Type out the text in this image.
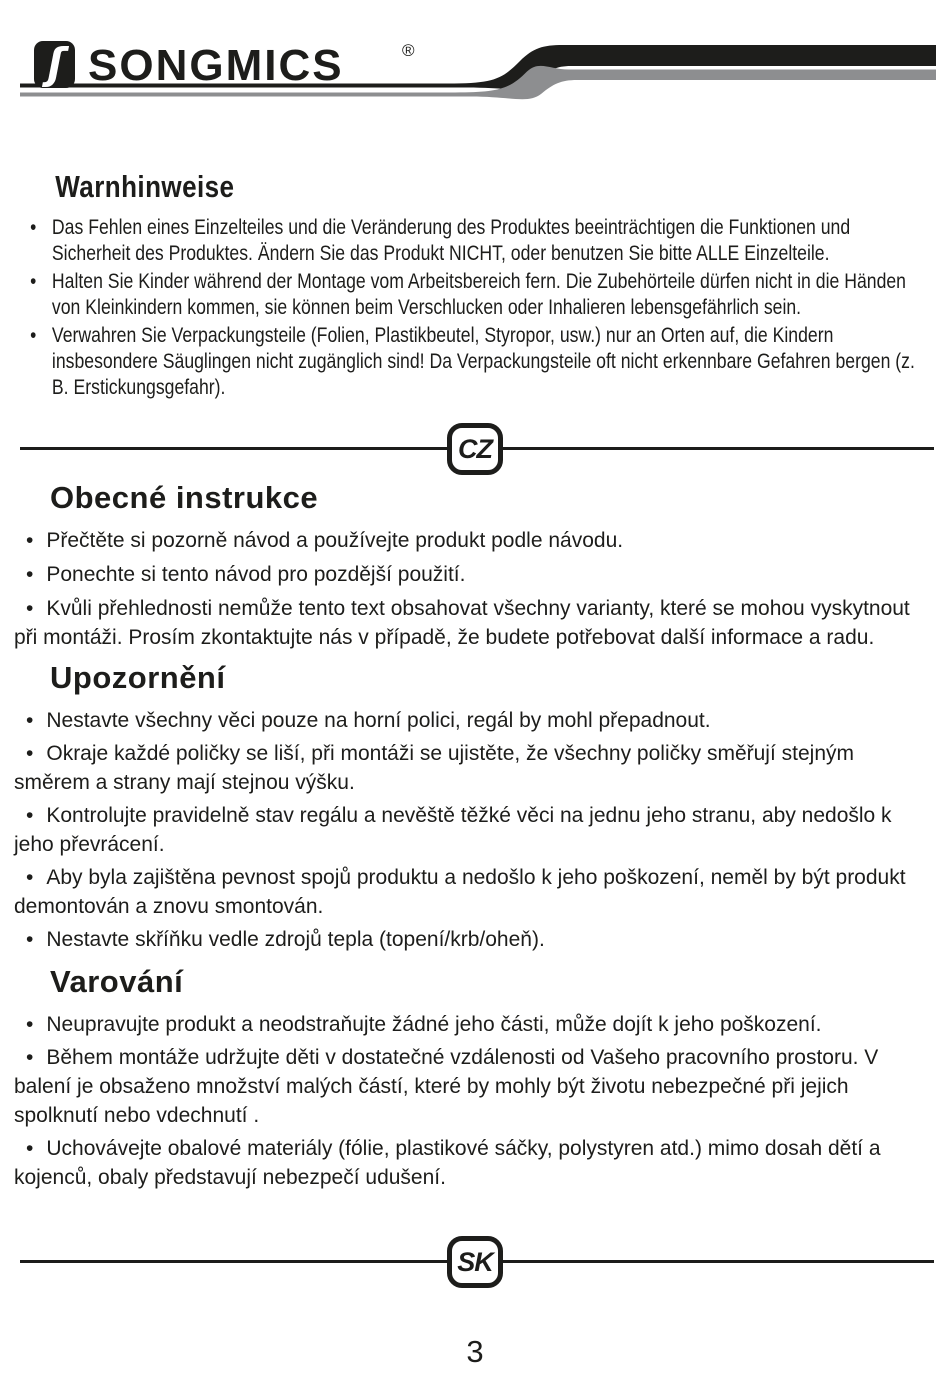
ʃ SONGMICS	®
Warnhinweise
• Das Fehlen eines Einzelteiles und die Veränderung des Produktes beeinträchtigen die Funktionen und Sicherheit des Produktes. Ändern Sie das Produkt NICHT, oder benutzen Sie bitte ALLE Einzelteile.
• Halten Sie Kinder während der Montage vom Arbeitsbereich fern. Die Zubehörteile dürfen nicht in die Händen von Kleinkindern kommen, sie können beim Verschlucken oder Inhalieren lebensgefährlich sein.
• Verwahren Sie Verpackungsteile (Folien, Plastikbeutel, Styropor, usw.) nur an Orten auf, die Kindern insbesondere Säuglingen nicht zugänglich sind! Da Verpackungsteile oft nicht erkennbare Gefahren bergen (z. B. Erstickungsgefahr).
CZ
Obecné instrukce

• Přečtěte si pozorně návod a používejte produkt podle návodu.

• Ponechte si tento návod pro pozdější použití.

• Kvůli přehlednosti nemůže tento text obsahovat všechny varianty, které se mohou vyskytnout při montáži. Prosím zkontaktujte nás v případě, že budete potřebovat další informace a radu.

Upozornění

• Nestavte všechny věci pouze na horní polici, regál by mohl přepadnout.

• Okraje každé poličky se liší, při montáži se ujistěte, že všechny poličky směřují stejným směrem a strany mají stejnou výšku.

• Kontrolujte pravidelně stav regálu a nevěště těžké věci na jednu jeho stranu, aby nedošlo k jeho převrácení.

• Aby byla zajištěna pevnost spojů produktu a nedošlo k jeho poškození, neměl by být produkt demontován a znovu smontován.

• Nestavte skříňku vedle zdrojů tepla (topení/krb/oheň).

Varování

• Neupravujte produkt a neodstraňujte žádné jeho části, může dojít k jeho poškození.

• Během montáže udržujte děti v dostatečné vzdálenosti od Vašeho pracovního prostoru. V balení je obsaženo množství malých částí, které by mohly být životu nebezpečné při jejich spolknutí nebo vdechnutí .

• Uchovávejte obalové materiály (fólie, plastikové sáčky, polystyren atd.) mimo dosah dětí a kojenců, obaly představují nebezpečí udušení.

SK
3
